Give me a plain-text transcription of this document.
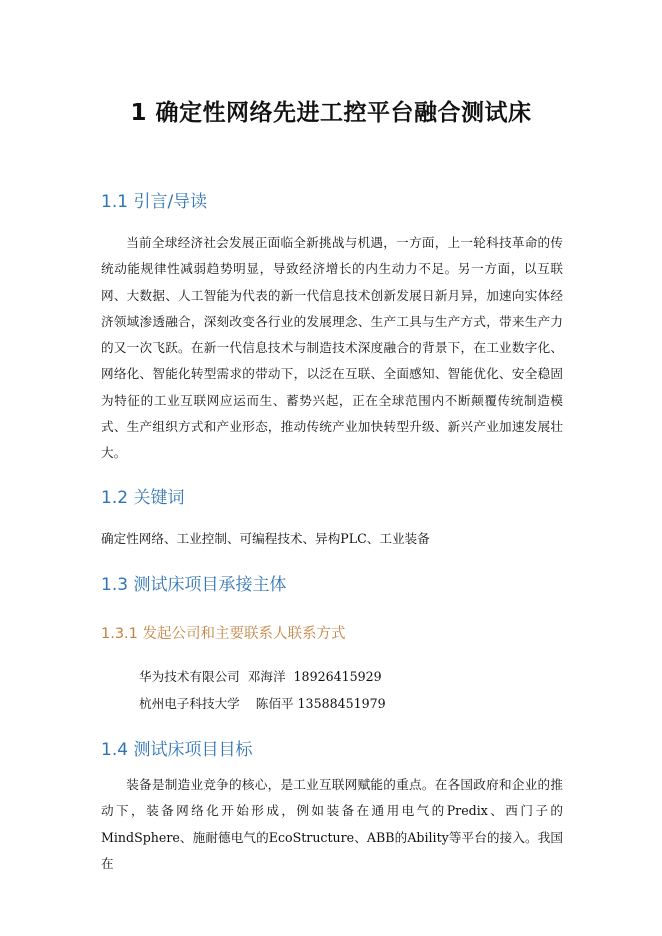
1 确定性网络先进工控平台融合测试床
1.1 引言/导读

当前全球经济社会发展正面临全新挑战与机遇，一方面，上一轮科技革命的传统动能规律性减弱趋势明显，导致经济增长的内生动力不足。另一方面，以互联网、大数据、人工智能为代表的新一代信息技术创新发展日新月异，加速向实体经济领域渗透融合，深刻改变各行业的发展理念、生产工具与生产方式，带来生产力的又一次飞跃。在新一代信息技术与制造技术深度融合的背景下，在工业数字化、网络化、智能化转型需求的带动下，以泛在互联、全面感知、智能优化、安全稳固为特征的工业互联网应运而生、蓄势兴起，正在全球范围内不断颠覆传统制造模式、生产组织方式和产业形态，推动传统产业加快转型升级、新兴产业加速发展壮大。

1.2 关键词
确定性网络、工业控制、可编程技术、异构PLC、工业装备
1.3 测试床项目承接主体
1.3.1 发起公司和主要联系人联系方式
华为技术有限公司  邓海洋  18926415929
杭州电子科技大学    陈佰平 13588451979
1.4 测试床项目目标

装备是制造业竞争的核心，是工业互联网赋能的重点。在各国政府和企业的推动下，装备网络化开始形成，例如装备在通用电气的Predix、西门子的MindSphere、施耐德电气的EcoStructure、ABB的Ability等平台的接入。我国在
